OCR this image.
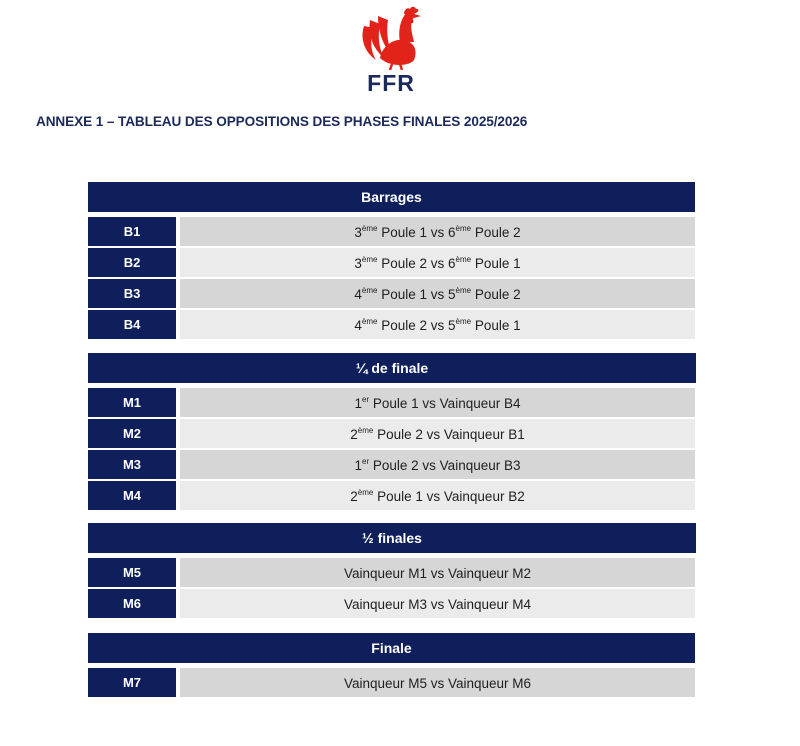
FFR
ANNEXE 1 – TABLEAU DES OPPOSITIONS DES PHASES FINALES 2025/2026
Barrages
B1	3ème Poule 1 vs 6ème Poule 2
B2	3ème Poule 2 vs 6ème Poule 1
B3	4ème Poule 1 vs 5ème Poule 2
B4	4ème Poule 2 vs 5ème Poule 1
¼ de finale
M1	1er Poule 1 vs Vainqueur B4
M2	2ème Poule 2 vs Vainqueur B1
M3	1er Poule 2 vs Vainqueur B3
M4	2ème Poule 1 vs Vainqueur B2
½ finales
M5	Vainqueur M1 vs Vainqueur M2
M6	Vainqueur M3 vs Vainqueur M4
Finale
M7	Vainqueur M5 vs Vainqueur M6
